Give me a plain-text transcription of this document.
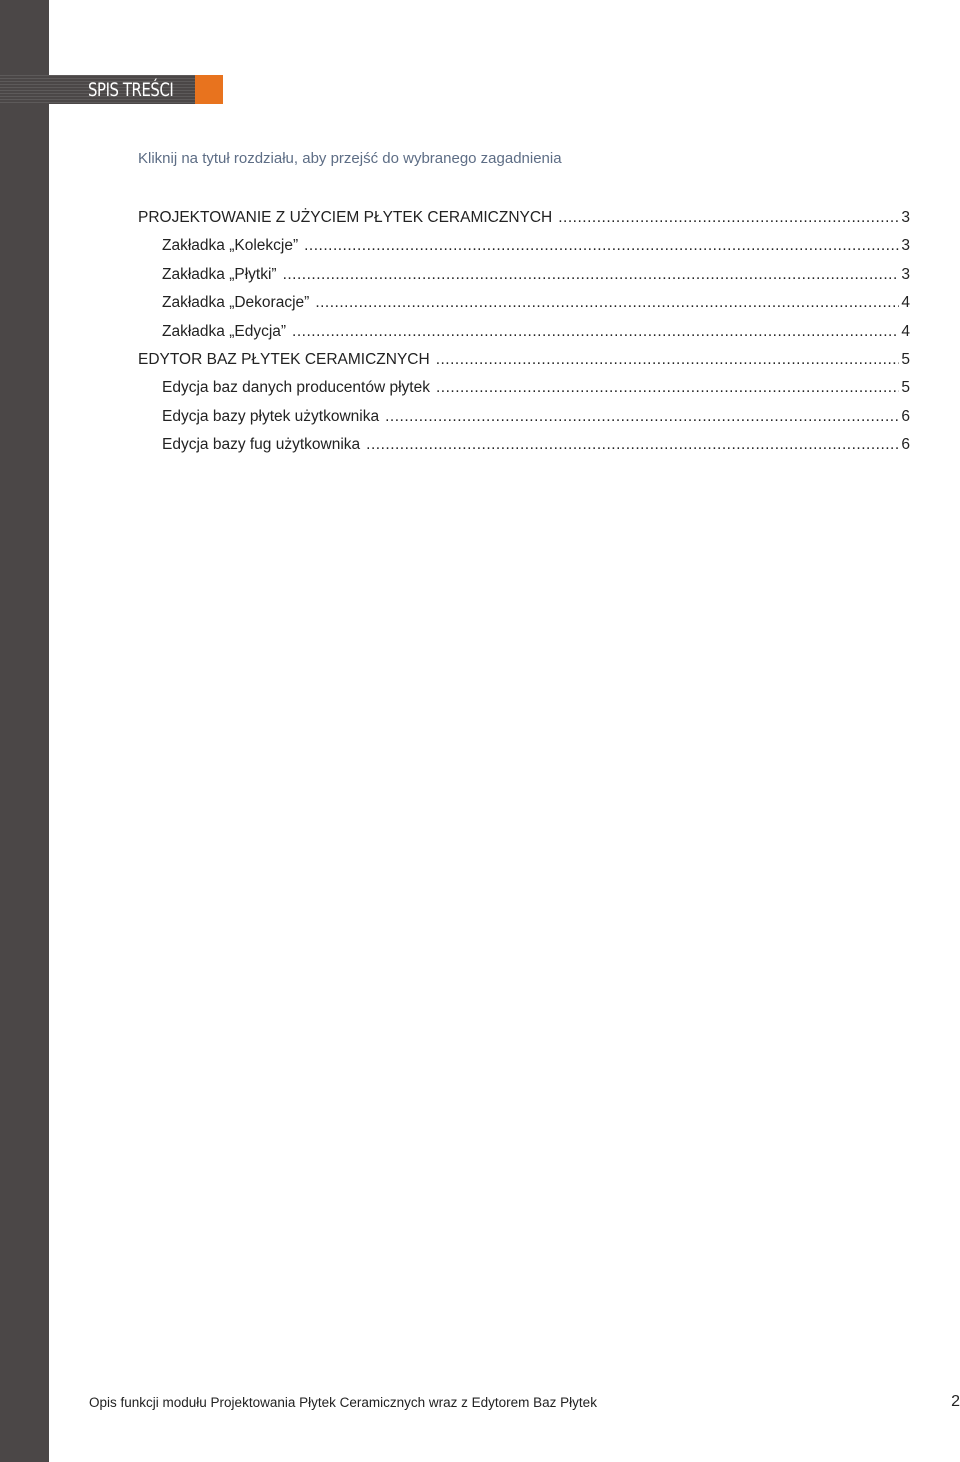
SPIS TREŚCI
Kliknij na tytuł rozdziału, aby przejść do wybranego zagadnienia
PROJEKTOWANIE Z UŻYCIEM PŁYTEK CERAMICZNYCH .....	3
Zakładka „Kolekcje” .....	3
Zakładka „Płytki” .....	3
Zakładka „Dekoracje” .....	4
Zakładka „Edycja” .....	4
EDYTOR BAZ PŁYTEK CERAMICZNYCH .....	5
Edycja baz danych producentów płytek .....	5
Edycja bazy płytek użytkownika .....	6
Edycja bazy fug użytkownika .....	6
Opis funkcji modułu Projektowania Płytek Ceramicznych wraz z Edytorem Baz Płytek	2
